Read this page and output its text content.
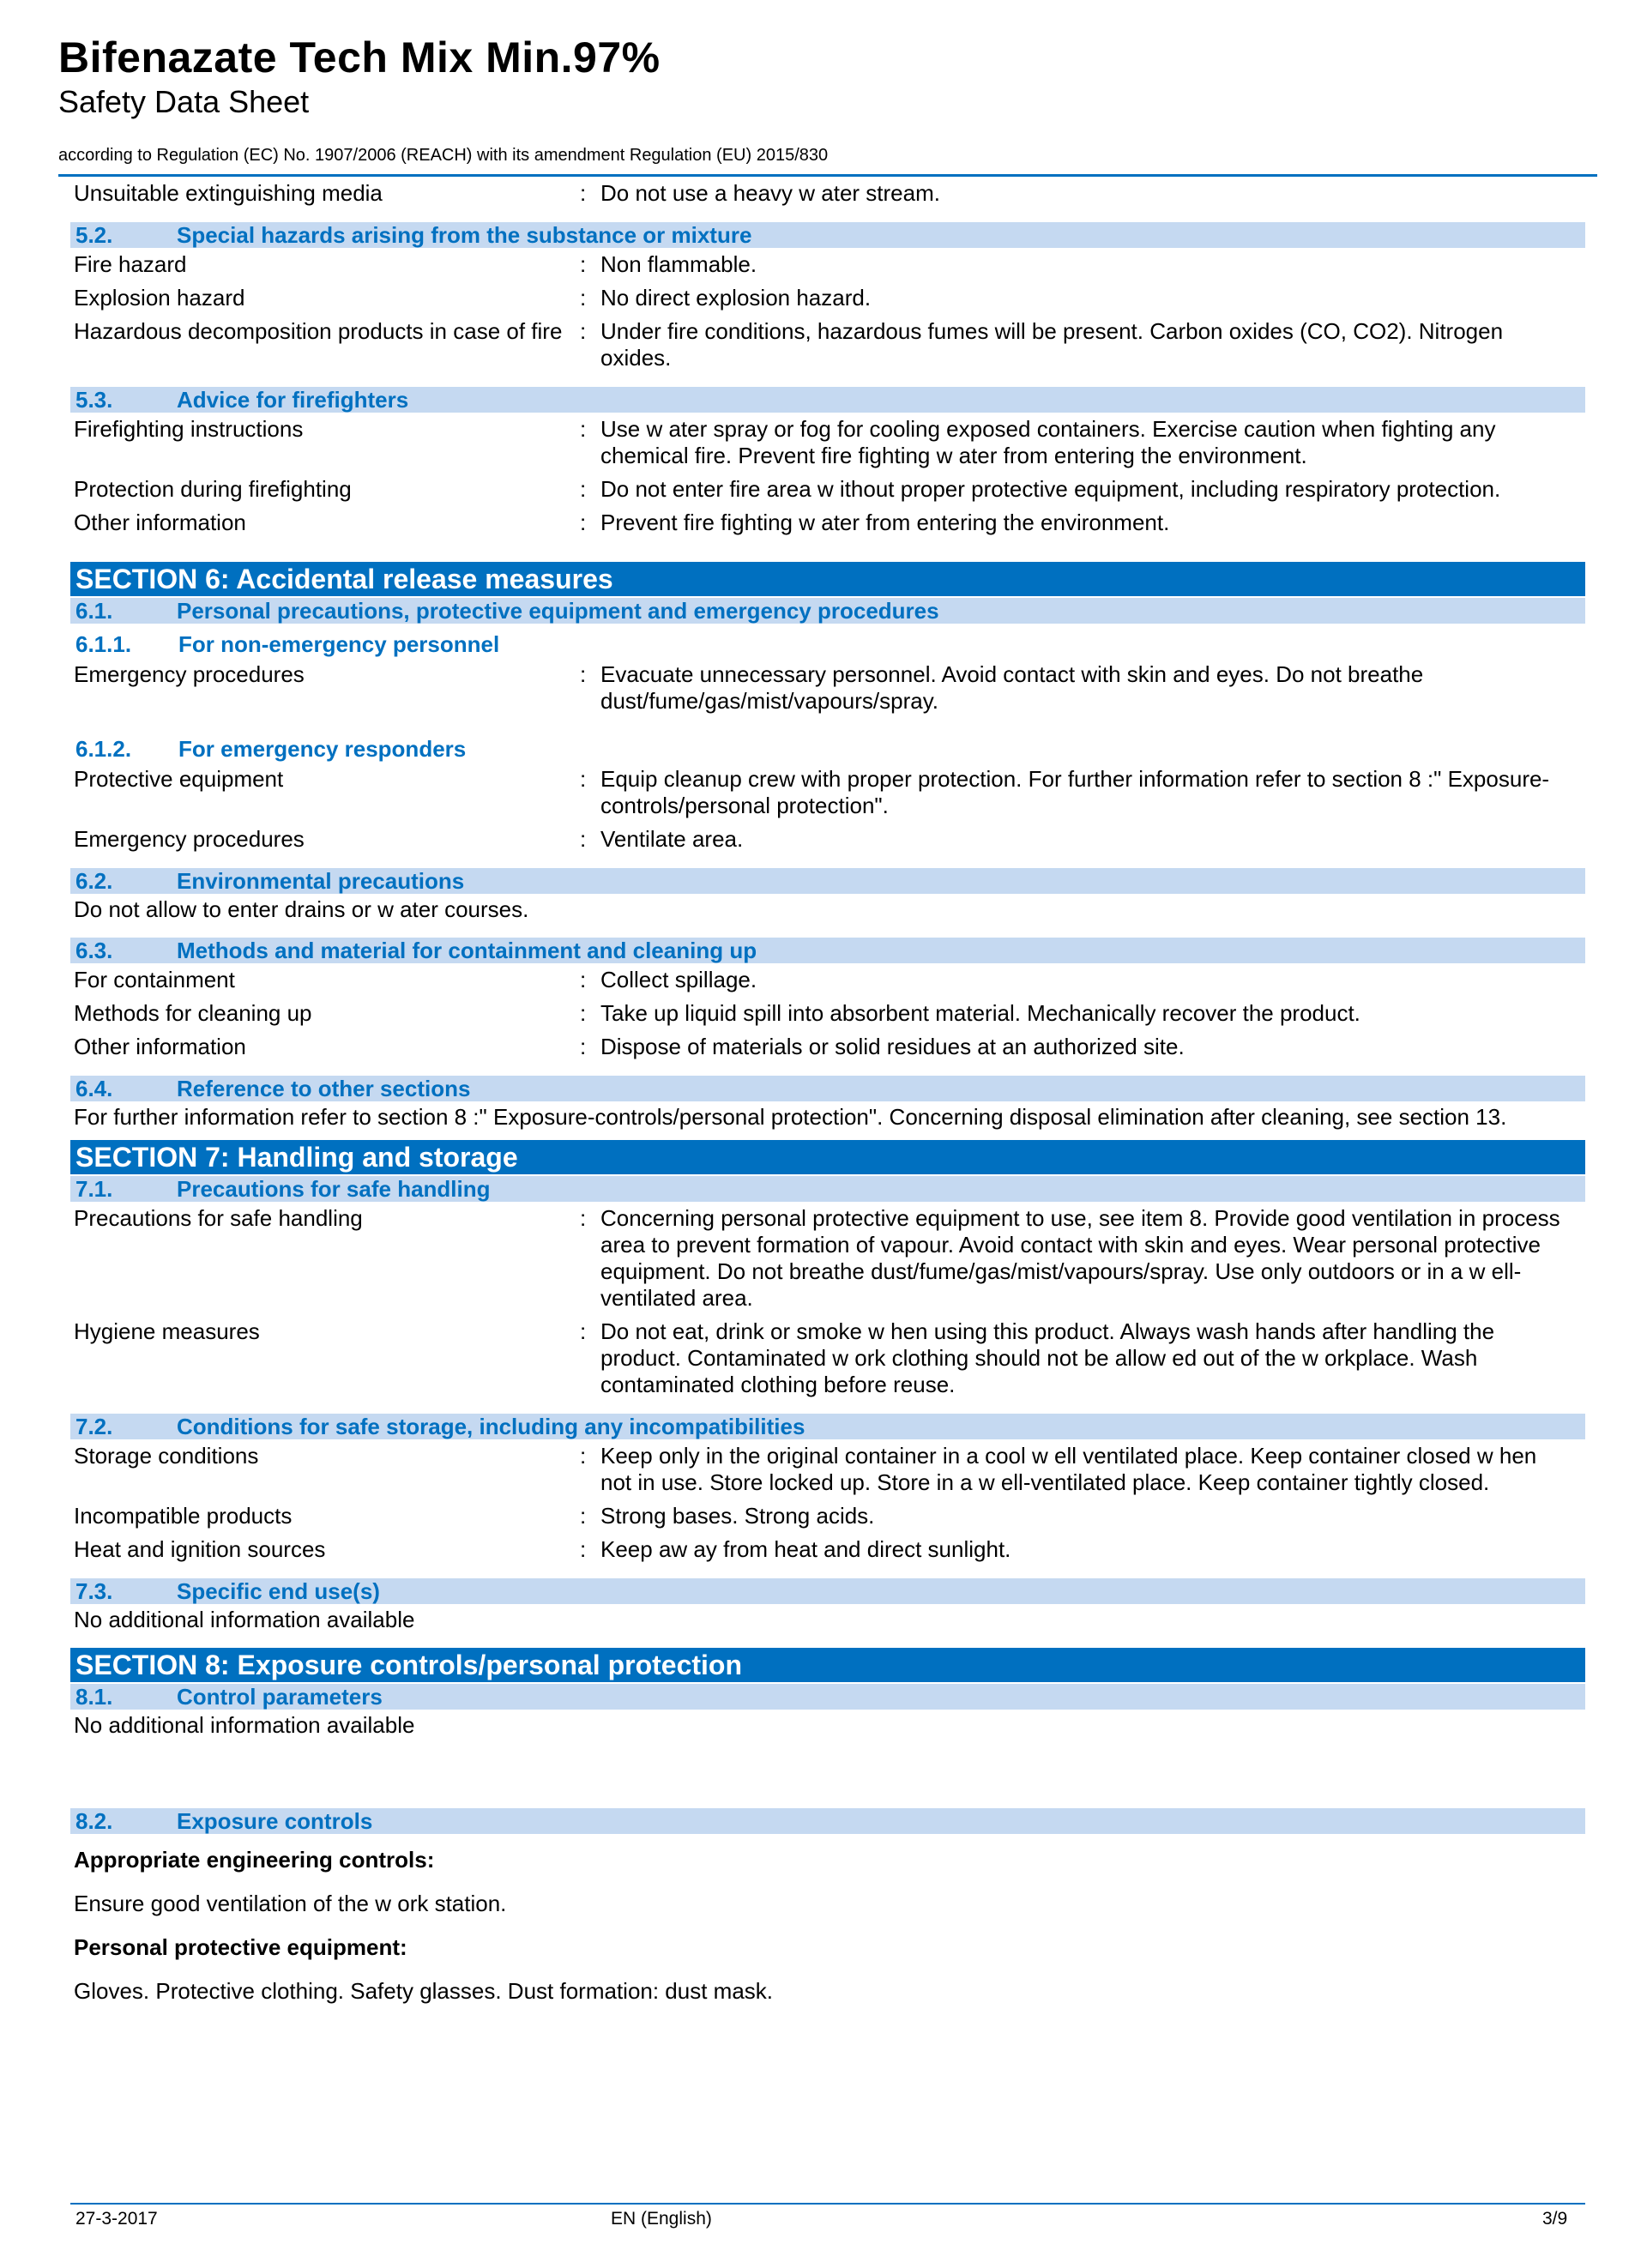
Bifenazate Tech Mix Min.97%
Safety Data Sheet
according to Regulation (EC) No. 1907/2006 (REACH) with its amendment Regulation (EU) 2015/830
Unsuitable extinguishing media	: Do not use a heavy w ater stream.
5.2.	Special hazards arising from the substance or mixture
Fire hazard	: Non flammable.
Explosion hazard	: No direct explosion hazard.
Hazardous decomposition products in case of fire : Under fire conditions, hazardous fumes will be present. Carbon oxides (CO, CO2). Nitrogen oxides.
5.3.	Advice for firefighters
Firefighting instructions	: Use w ater spray or fog for cooling exposed containers. Exercise caution when fighting any chemical fire. Prevent fire fighting w ater from entering the environment.
Protection during firefighting	: Do not enter fire area w ithout proper protective equipment, including respiratory protection.
Other information	: Prevent fire fighting w ater from entering the environment.
SECTION 6: Accidental release measures
6.1.	Personal precautions, protective equipment and emergency procedures
6.1.1.	For non-emergency personnel
Emergency procedures	: Evacuate unnecessary personnel. Avoid contact with skin and eyes. Do not breathe dust/fume/gas/mist/vapours/spray.
6.1.2.	For emergency responders
Protective equipment	: Equip cleanup crew with proper protection. For further information refer to section 8 :" Exposure-controls/personal protection".
Emergency procedures	: Ventilate area.
6.2.	Environmental precautions
Do not allow to enter drains or w ater courses.
6.3.	Methods and material for containment and cleaning up
For containment	: Collect spillage.
Methods for cleaning up	: Take up liquid spill into absorbent material. Mechanically recover the product.
Other information	: Dispose of materials or solid residues at an authorized site.
6.4.	Reference to other sections
For further information refer to section 8 :" Exposure-controls/personal protection". Concerning disposal elimination after cleaning, see section 13.
SECTION 7: Handling and storage
7.1.	Precautions for safe handling
Precautions for safe handling	: Concerning personal protective equipment to use, see item 8. Provide good ventilation in process area to prevent formation of vapour. Avoid contact with skin and eyes. Wear personal protective equipment. Do not breathe dust/fume/gas/mist/vapours/spray. Use only outdoors or in a w ell-ventilated area.
Hygiene measures	: Do not eat, drink or smoke w hen using this product. Always wash hands after handling the product. Contaminated w ork clothing should not be allow ed out of the w orkplace. Wash contaminated clothing before reuse.
7.2.	Conditions for safe storage, including any incompatibilities
Storage conditions	: Keep only in the original container in a cool w ell ventilated place. Keep container closed w hen not in use. Store locked up. Store in a w ell-ventilated place. Keep container tightly closed.
Incompatible products	: Strong bases. Strong acids.
Heat and ignition sources	: Keep aw ay from heat and direct sunlight.
7.3.	Specific end use(s)
No additional information available
SECTION 8: Exposure controls/personal protection
8.1.	Control parameters
No additional information available
8.2.	Exposure controls
Appropriate engineering controls:
Ensure good ventilation of the w ork station.
Personal protective equipment:
Gloves. Protective clothing. Safety glasses. Dust formation: dust mask.
27-3-2017	EN (English)	3/9
